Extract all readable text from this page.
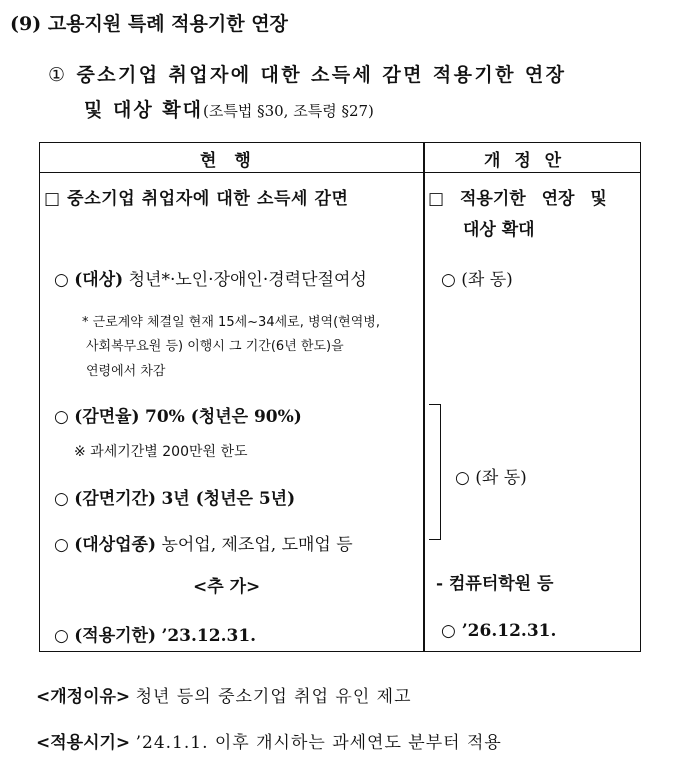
(9) 고용지원 특례 적용기한 연장
① 중소기업 취업자에 대한 소득세 감면 적용기한 연장
및 대상 확대(조특법 §30, 조특령 §27)
현 행	개 정 안
□ 중소기업 취업자에 대한 소득세 감면
○ (대상) 청년*·노인·장애인·경력단절여성
* 근로계약 체결일 현재 15세~34세로, 병역(현역병,
사회복무요원 등) 이행시 그 기간(6년 한도)을
연령에서 차감
○ (감면율) 70% (청년은 90%)
※ 과세기간별 200만원 한도
○ (감면기간) 3년 (청년은 5년)
○ (대상업종) 농어업, 제조업, 도매업 등
<추 가>
○ (적용기한) ’23.12.31.
□ 적용기한 연장 및
대상 확대
○ (좌 동)
○ (좌 동)
- 컴퓨터학원 등
○ ’26.12.31.
<개정이유> 청년 등의 중소기업 취업 유인 제고
<적용시기> ’24.1.1. 이후 개시하는 과세연도 분부터 적용
